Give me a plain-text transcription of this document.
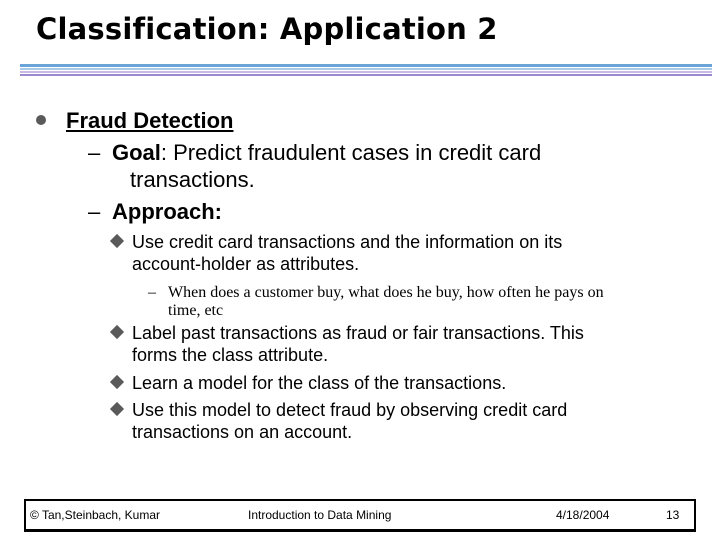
Classification: Application 2
Fraud Detection
– Goal: Predict fraudulent cases in credit card
transactions.
– Approach:
Use credit card transactions and the information on its
account-holder as attributes.
– When does a customer buy, what does he buy, how often he pays on
time, etc
Label past transactions as fraud or fair transactions. This
forms the class attribute.
Learn a model for the class of the transactions.
Use this model to detect fraud by observing credit card
transactions on an account.
© Tan,Steinbach, Kumar	Introduction to Data Mining	4/18/2004	13
